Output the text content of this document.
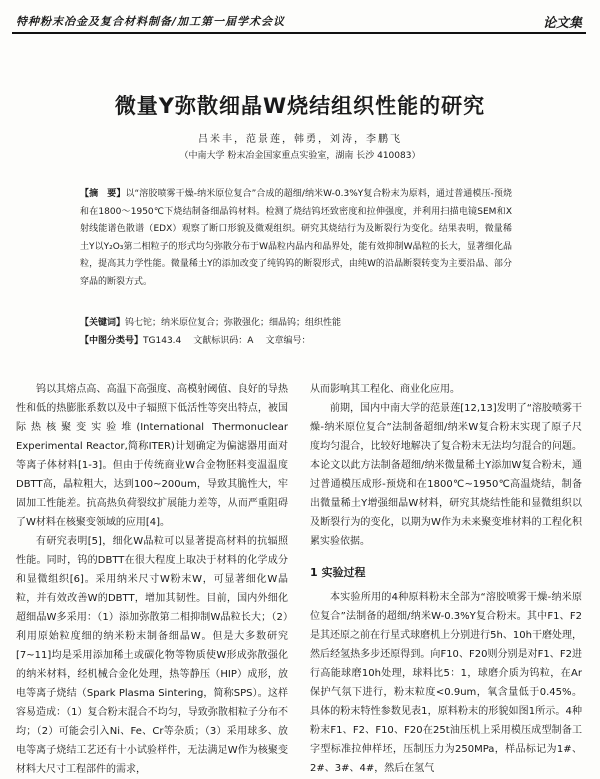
特种粉末冶金及复合材料制备/加工第一届学术会议	论文集
微量Y弥散细晶W烧结组织性能的研究
吕米丰，范景莲，韩勇，刘涛，李鹏飞
（中南大学 粉末冶金国家重点实验室，湖南 长沙 410083）
【摘　要】以“溶胶喷雾干燥-纳米原位复合”合成的超细/纳米W-0.3%Y复合粉末为原料，通过普通模压-预烧和在1800～1950℃下烧结制备细晶钨材料。检测了烧结钨坯致密度和拉伸强度，并利用扫描电镜SEM和X射线能谱色散谱（EDX）观察了断口形貌及微观组织。研究其烧结行为及断裂行为变化。结果表明，微量稀土Y以Y₂O₃第二相粒子的形式均匀弥散分布于W晶粒内晶内和晶界处，能有效抑制W晶粒的长大，显著细化晶粒，提高其力学性能。微量稀土Y的添加改变了纯钨钨的断裂形式，由纯W的沿晶断裂转变为主要沿晶、部分穿晶的断裂方式。
【关键词】钨七铊；纳米原位复合；弥散强化；细晶钨；组织性能
【中图分类号】TG143.4 文献标识码：A 文章编号：

钨以其熔点高、高温下高强度、高模射阈值、良好的导热性和低的热膨胀系数以及中子辐照下低活性等突出特点，被国际热核聚变实验堆(International Thermonuclear Experimental Reactor,简称ITER)计划确定为偏滤器用面对等离子体材料[1-3]。但由于传统商业W合金物胚料变温温度DBTT高，晶粒粗大，达到100~200um，导致其脆性大，牢固加工性能差。抗高热负荷裂纹扩展能力差等，从而严重阻碍了W材料在核聚变领域的应用[4]。

有研究表明[5]，细化W晶粒可以显著提高材料的抗辐照性能。同时，钨的DBTT在很大程度上取决于材料的化学成分和显微组织[6]。采用纳米尺寸W粉末W，可显著细化W晶粒，并有效改善W的DBTT，增加其韧性。目前，国内外细化超细晶W多采用：（1）添加弥散第二相抑制W晶粒长大；（2）利用原始粒度细的纳米粉末制备细晶W。但是大多数研究[7~11]均是采用添加稀土或碳化物等物质使W形成弥散强化的纳米材料，经机械合金化处理，热等静压（HIP）成形，放电等离子烧结（Spark Plasma Sintering，简称SPS）。这样容易造成：（1）复合粉末混合不均匀，导致弥散相粒子分布不均；（2）可能会引入Ni、Fe、Cr等杂质；（3）采用球多、放电等离子烧结工艺还有十小试验样件，无法满足W作为核聚变材料大尺寸工程部件的需求，

从而影响其工程化、商业化应用。

前期，国内中南大学的范景莲[12,13]发明了“溶胶喷雾干燥-纳米原位复合”法制备超细/纳米W复合粉末实现了原子尺度均匀混合，比较好地解决了复合粉末无法均匀混合的问题。本论文以此方法制备超细/纳米微量稀土Y添加W复合粉末，通过普通模压成形-预烧和在1800℃~1950℃高温烧结，制备出微量稀土Y增强细晶W材料，研究其烧结性能和显微组织以及断裂行为的变化，以期为W作为未来聚变堆材料的工程化积累实验依据。

1 实验过程

本实验所用的4种原料粉末全部为“溶胶喷雾干燥-纳米原位复合”法制备的超细/纳米W-0.3%Y复合粉末。其中F1、F2是其还原之前在行星式球磨机上分别进行5h、10h干磨处理，然后经氢热多步还原得到。向F10、F20则分别是对F1、F2进行高能球磨10h处理，球料比5：1，球磨介质为钨粒，在Ar保护气氛下进行，粉末粒度<0.9um，氧含量低于0.45%。具体的粉末特性参数见表1，原料粉末的形貌如图1所示。4种粉末F1、F2、F10、F20在25t油压机上采用模压成型制备工字型标准拉伸样坯，压制压力为250MPa，样品标记为1#、2#、3#、4#，然后在氢气
